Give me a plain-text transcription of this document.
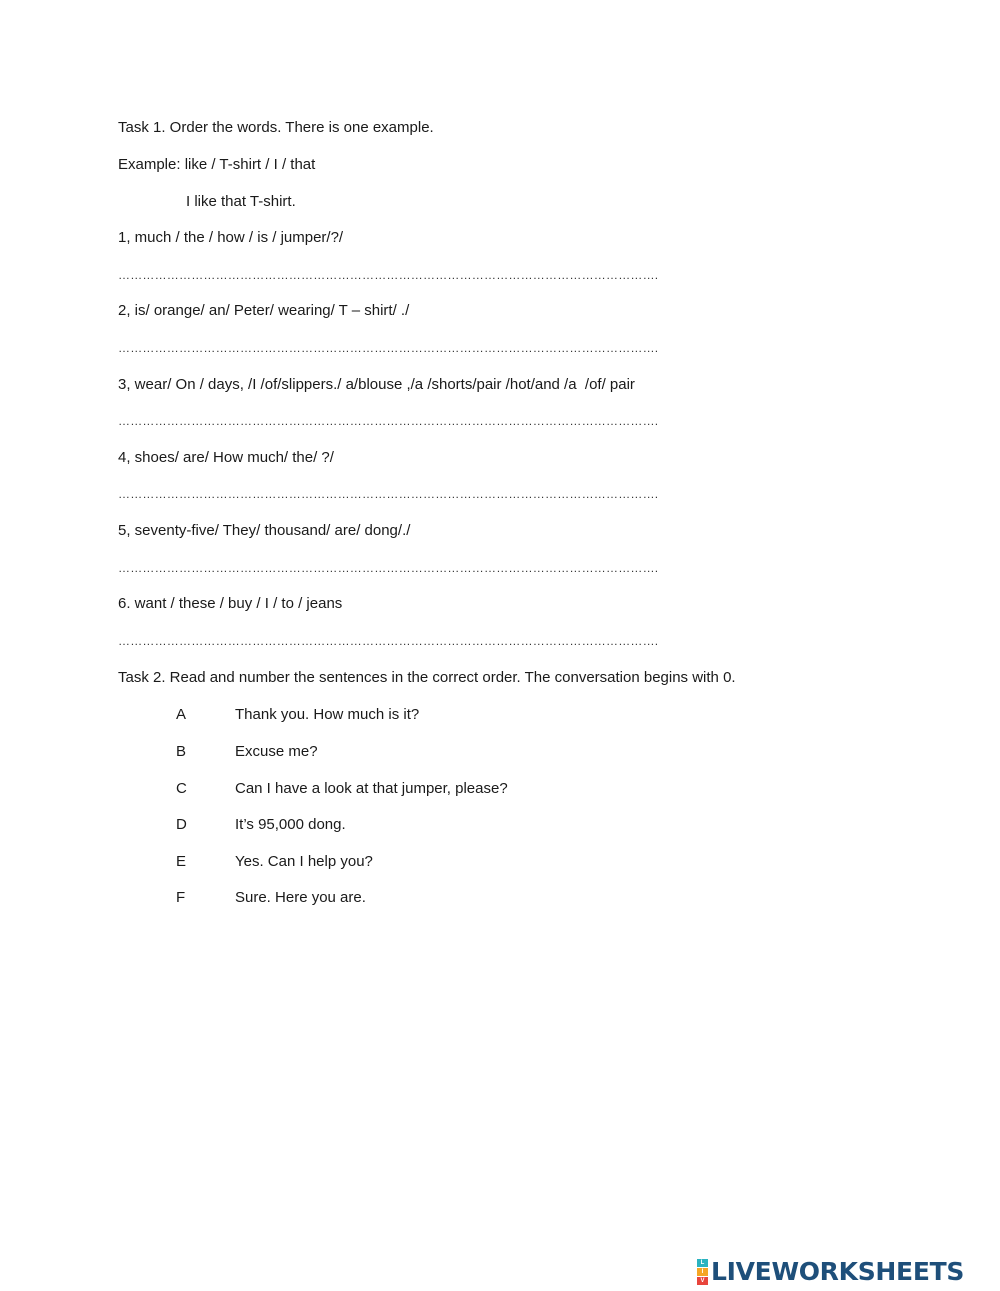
Task 1. Order the words. There is one example.
Example: like / T-shirt / I / that
I like that T-shirt.
1, much / the / how / is / jumper/?/
…………………………………………………………………………………………………………………….
2, is/ orange/ an/ Peter/ wearing/ T – shirt/ ./
…………………………………………………………………………………………………………………….
3, wear/ On / days, /I /of/slippers./ a/blouse ,/a /shorts/pair /hot/and /a  /of/ pair
…………………………………………………………………………………………………………………….
4, shoes/ are/ How much/ the/ ?/
…………………………………………………………………………………………………………………….
5, seventy-five/ They/ thousand/ are/ dong/./
…………………………………………………………………………………………………………………….
6. want / these / buy / I / to / jeans
…………………………………………………………………………………………………………………….
Task 2. Read and number the sentences in the correct order. The conversation begins with 0.
A	Thank you. How much is it?
B	Excuse me?
C	Can I have a look at that jumper, please?
D	It’s 95,000 dong.
E	Yes. Can I help you?
F	Sure. Here you are.
L
I
V LIVEWORKSHEETS
